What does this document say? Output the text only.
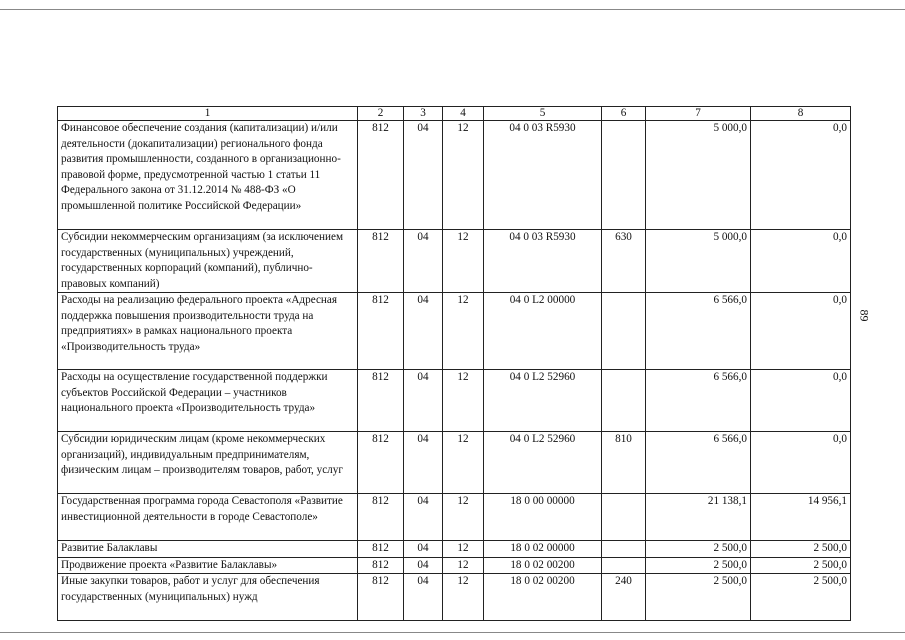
89
1	2	3	4	5	6	7	8
Финансовое обеспечение создания (капитализации) и/или деятельности (докапитализации) регионального фонда развития промышленности, созданного в организационно-правовой форме, предусмотренной частью 1 статьи 11 Федерального закона от 31.12.2014 № 488-ФЗ «О промышленной политике Российской Федерации»	812	04	12	04 0 03 R5930		5 000,0	0,0
Субсидии некоммерческим организациям (за исключением государственных (муниципальных) учреждений, государственных корпораций (компаний), публично-правовых компаний)	812	04	12	04 0 03 R5930	630	5 000,0	0,0
Расходы на реализацию федерального проекта «Адресная поддержка повышения производительности труда на предприятиях» в рамках национального проекта «Производительность труда»	812	04	12	04 0 L2 00000		6 566,0	0,0
Расходы на осуществление государственной поддержки субъектов Российской Федерации – участников национального проекта «Производительность труда»	812	04	12	04 0 L2 52960		6 566,0	0,0
Субсидии юридическим лицам (кроме некоммерческих организаций), индивидуальным предпринимателям, физическим лицам – производителям товаров, работ, услуг	812	04	12	04 0 L2 52960	810	6 566,0	0,0
Государственная программа города Севастополя «Развитие инвестиционной деятельности в городе Севастополе»	812	04	12	18 0 00 00000		21 138,1	14 956,1
Развитие Балаклавы	812	04	12	18 0 02 00000		2 500,0	2 500,0
Продвижение проекта «Развитие Балаклавы»	812	04	12	18 0 02 00200		2 500,0	2 500,0
Иные закупки товаров, работ и услуг для обеспечения государственных (муниципальных) нужд	812	04	12	18 0 02 00200	240	2 500,0	2 500,0
